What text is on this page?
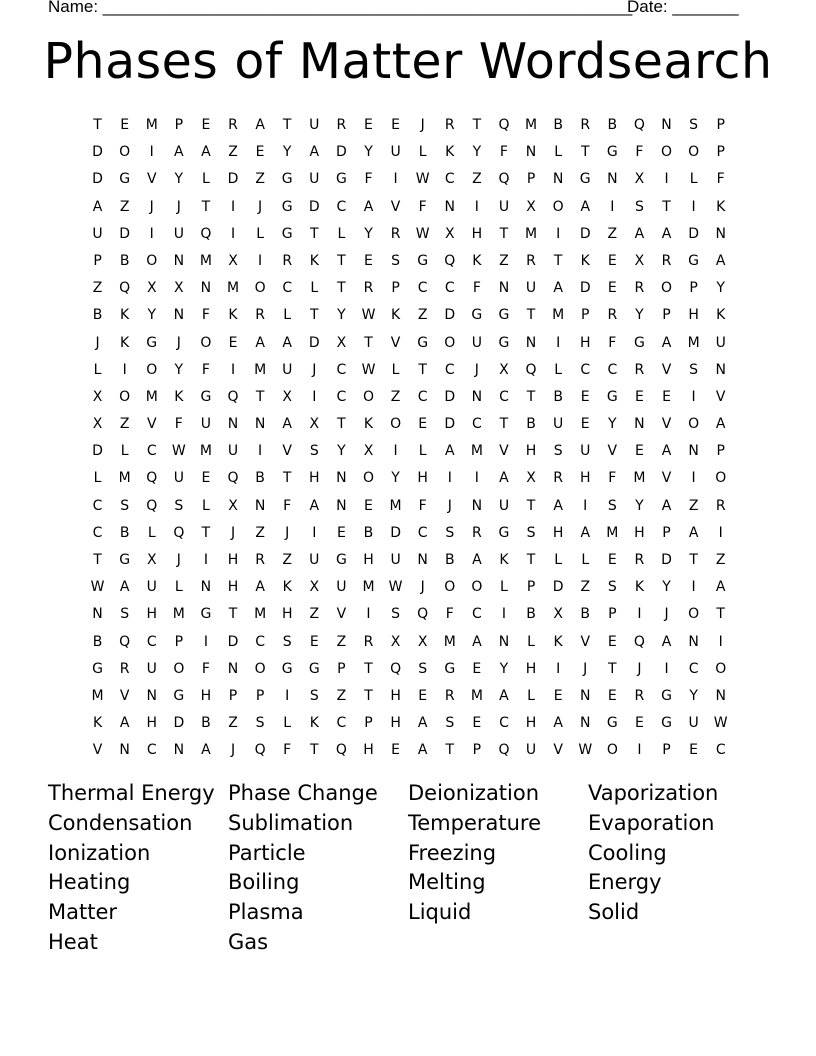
Name: ________________________________________________________
Date: _______
Phases of Matter Wordsearch
T	E	M	P	E	R	A	T	U	R	E	E	J	R	T	Q	M	B	R	B	Q	N	S	P
D	O	I	A	A	Z	E	Y	A	D	Y	U	L	K	Y	F	N	L	T	G	F	O	O	P
D	G	V	Y	L	D	Z	G	U	G	F	I	W	C	Z	Q	P	N	G	N	X	I	L	F
A	Z	J	J	T	I	J	G	D	C	A	V	F	N	I	U	X	O	A	I	S	T	I	K
U	D	I	U	Q	I	L	G	T	L	Y	R	W	X	H	T	M	I	D	Z	A	A	D	N
P	B	O	N	M	X	I	R	K	T	E	S	G	Q	K	Z	R	T	K	E	X	R	G	A
Z	Q	X	X	N	M	O	C	L	T	R	P	C	C	F	N	U	A	D	E	R	O	P	Y
B	K	Y	N	F	K	R	L	T	Y	W	K	Z	D	G	G	T	M	P	R	Y	P	H	K
J	K	G	J	O	E	A	A	D	X	T	V	G	O	U	G	N	I	H	F	G	A	M	U
L	I	O	Y	F	I	M	U	J	C	W	L	T	C	J	X	Q	L	C	C	R	V	S	N
X	O	M	K	G	Q	T	X	I	C	O	Z	C	D	N	C	T	B	E	G	E	E	I	V
X	Z	V	F	U	N	N	A	X	T	K	O	E	D	C	T	B	U	E	Y	N	V	O	A
D	L	C	W	M	U	I	V	S	Y	X	I	L	A	M	V	H	S	U	V	E	A	N	P
L	M	Q	U	E	Q	B	T	H	N	O	Y	H	I	I	A	X	R	H	F	M	V	I	O
C	S	Q	S	L	X	N	F	A	N	E	M	F	J	N	U	T	A	I	S	Y	A	Z	R
C	B	L	Q	T	J	Z	J	I	E	B	D	C	S	R	G	S	H	A	M	H	P	A	I
T	G	X	J	I	H	R	Z	U	G	H	U	N	B	A	K	T	L	L	E	R	D	T	Z
W	A	U	L	N	H	A	K	X	U	M	W	J	O	O	L	P	D	Z	S	K	Y	I	A
N	S	H	M	G	T	M	H	Z	V	I	S	Q	F	C	I	B	X	B	P	I	J	O	T
B	Q	C	P	I	D	C	S	E	Z	R	X	X	M	A	N	L	K	V	E	Q	A	N	I
G	R	U	O	F	N	O	G	G	P	T	Q	S	G	E	Y	H	I	J	T	J	I	C	O
M	V	N	G	H	P	P	I	S	Z	T	H	E	R	M	A	L	E	N	E	R	G	Y	N
K	A	H	D	B	Z	S	L	K	C	P	H	A	S	E	C	H	A	N	G	E	G	U	W
V	N	C	N	A	J	Q	F	T	Q	H	E	A	T	P	Q	U	V	W	O	I	P	E	C
Thermal Energy Phase Change	Deionization	Vaporization
Condensation	Sublimation	Temperature	Evaporation
Ionization	Particle	Freezing	Cooling
Heating	Boiling	Melting	Energy
Matter	Plasma	Liquid	Solid
Heat	Gas
